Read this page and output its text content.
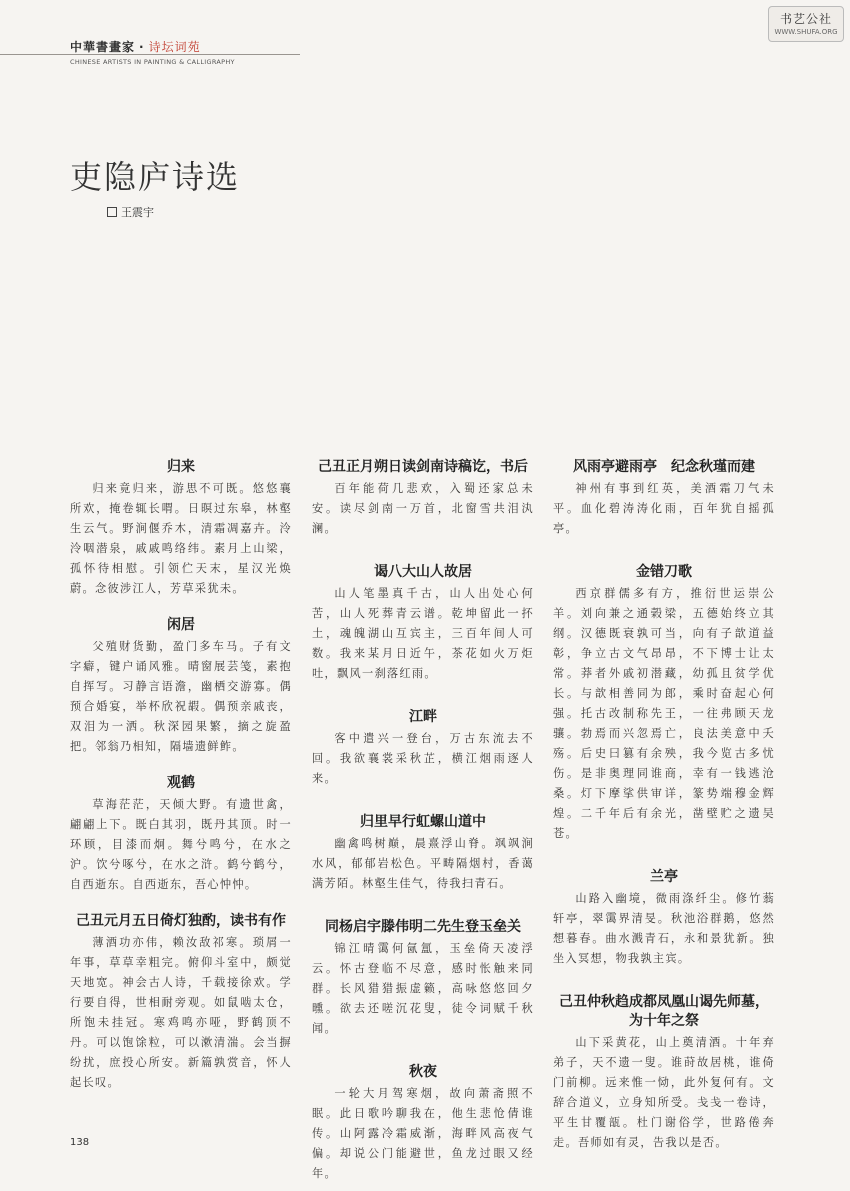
中華書畫家 · 诗坛词苑
CHINESE ARTISTS IN PAINTING & CALLIGRAPHY
书艺公社
WWW.SHUFA.ORG
吏隐庐诗选
王震宇
归来
归来竟归来，游思不可既。悠悠襄所欢，掩卷辄长喟。日暝过东皋，林壑生云气。野涧偃乔木，清霜凋嘉卉。泠泠咽潜泉，戚戚鸣络纬。素月上山梁，孤怀待相慰。引领伫天末，星汉光焕蔚。念彼涉江人，芳草采犹未。
闲居
父殖财货勤，盈门多车马。子有文字癖，键户诵风雅。晴窗展芸笺，素抱自挥写。习静言语澹，幽栖交游寡。偶预合婚宴，举杯欣祝嘏。偶预亲戚丧，双泪为一洒。秋深园果繁，摘之旋盈把。邻翁乃相知，隔墙遗鲜鲊。
观鹤
草海茫茫，天倾大野。有遗世禽，翩翩上下。既白其羽，既丹其顶。时一环顾，目漆而炯。舞兮鸣兮，在水之沪。饮兮啄兮，在水之浒。鹤兮鹤兮，自西逝东。自西逝东，吾心忡忡。
己丑元月五日倚灯独酌，读书有作
薄酒功亦伟，赖汝敌祁寒。琐屑一年事，草草幸粗完。俯仰斗室中，颇觉天地宽。神会古人诗，千载接徐欢。学行要自得，世相耐旁观。如鼠啮太仓，所饱未挂冠。寒鸡鸣亦哑，野鹤顶不丹。可以饱馀粒，可以漱清湍。会当摒纷扰，庶投心所安。新篇孰赏音，怀人起长叹。
己丑正月朔日读剑南诗稿讫，书后
百年能荷几悲欢，入蜀还家总未安。读尽剑南一万首，北窗雪共泪汍澜。
谒八大山人故居
山人笔墨真千古，山人出处心何苦，山人死葬青云谱。乾坤留此一抔土，魂魄湖山互宾主，三百年间人可数。我来某月日近午，茶花如火万炬吐，飘风一刹落红雨。
江畔
客中遣兴一登台，万古东流去不回。我欲襄裳采秋芷，横江烟雨逐人来。
归里早行虹螺山道中
幽禽鸣树巅，晨熹浮山脊。飒飒涧水风，郁郁岩松色。平畴隔烟村，香蔼满芳陌。林壑生佳气，待我扫青石。
同杨启宇滕伟明二先生登玉垒关
锦江晴霭何氤氲，玉垒倚天凌浮云。怀古登临不尽意，感时怅触来同群。长风猎猎振虚籁，高咏悠悠回夕曛。欲去还嗟沉花叟，徒令词赋千秋闻。
秋夜
一轮大月驾寒烟，故向萧斋照不眠。此日歌吟聊我在，他生悲怆倩谁传。山阿露冷霜威渐，海畔风高夜气偏。却说公门能避世，鱼龙过眼又经年。
风雨亭避雨亭　纪念秋瑾而建
神州有事到红英，美酒霜刀气未平。血化碧涛涛化雨，百年犹自摇孤亭。
金错刀歌
西京群儒多有方，推衍世运崇公羊。刘向兼之通榖梁，五德始终立其纲。汉德既衰孰可当，向有子歆道益彰，争立古文气昂昂，不下博士让太常。莽者外戚初潜藏，幼孤且贫学优长。与歆相善同为郎，乘时奋起心何强。托古改制称先王，一往弗顾天龙骧。勃焉而兴忽焉亡，良法美意中夭殇。后史曰篡有余殃，我今览古多忧伤。是非奥理同谁商，幸有一钱逃沧桑。灯下摩挲供审详，篆势端穆金辉煌。二千年后有余光，凿壁贮之遗吴苍。
兰亭
山路入幽境，微雨涤纤尘。修竹蓊轩亭，翠霭界清旻。秋池浴群鹅，悠然想暮春。曲水溅青石，永和景犹新。独坐入冥想，物我孰主宾。
己丑仲秋趋成都凤凰山谒先师墓，为十年之祭
山下采黄花，山上奠清酒。十年弃弟子，天不遗一叟。谁莳故居桃，谁倚门前柳。远来惟一恸，此外复何有。文辞合道义，立身知所受。戋戋一卷诗，平生甘覆瓿。杜门谢俗学，世路倦奔走。吾师如有灵，告我以是否。
138
